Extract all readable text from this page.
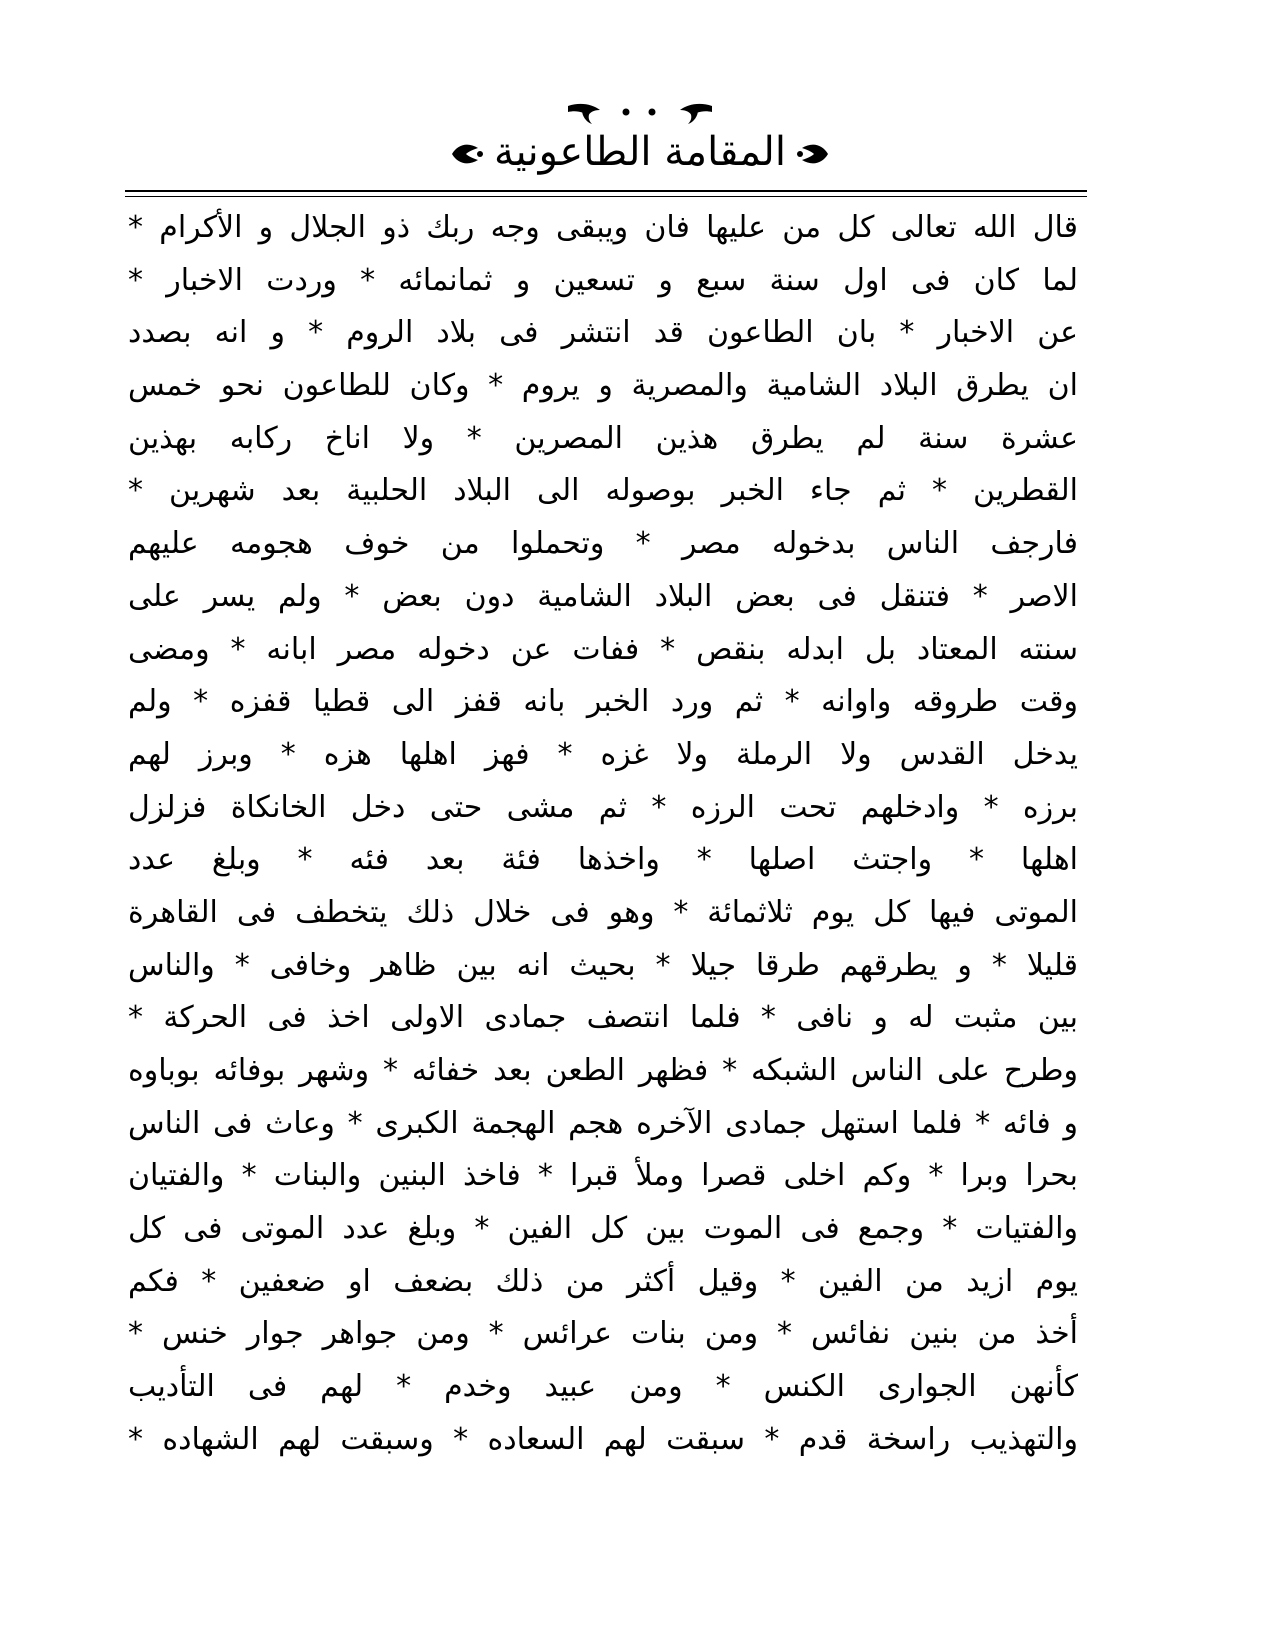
المقامة الطاعونية
قال الله تعالى كل من عليها فان ويبقى وجه ربك ذو الجلال و الأكرام *
لما كان فى اول سنة سبع و تسعين و ثمانمائه * وردت الاخبار *
عن الاخبار * بان الطاعون قد انتشر فى بلاد الروم * و انه بصدد
ان يطرق البلاد الشامية والمصرية و يروم * وكان للطاعون نحو خمس
عشرة سنة لم يطرق هذين المصرين * ولا اناخ ركابه بهذين
القطرين * ثم جاء الخبر بوصوله الى البلاد الحلبية بعد شهرين *
فارجف الناس بدخوله مصر * وتحملوا من خوف هجومه عليهم
الاصر * فتنقل فى بعض البلاد الشامية دون بعض * ولم يسر على
سنته المعتاد بل ابدله بنقص * ففات عن دخوله مصر ابانه * ومضى
وقت طروقه واوانه * ثم ورد الخبر بانه قفز الى قطيا قفزه * ولم
يدخل القدس ولا الرملة ولا غزه * فهز اهلها هزه * وبرز لهم
برزه * وادخلهم تحت الرزه * ثم مشى حتى دخل الخانكاة فزلزل
اهلها * واجتث اصلها * واخذها فئة بعد فئه * وبلغ عدد
الموتى فيها كل يوم ثلاثمائة * وهو فى خلال ذلك يتخطف فى القاهرة
قليلا * و يطرقهم طرقا جيلا * بحيث انه بين ظاهر وخافى * والناس
بين مثبت له و نافى * فلما انتصف جمادى الاولى اخذ فى الحركة *
وطرح على الناس الشبكه * فظهر الطعن بعد خفائه * وشهر بوفائه بوباوه
و فائه * فلما استهل جمادى الآخره هجم الهجمة الكبرى * وعاث فى الناس
بحرا وبرا * وكم اخلى قصرا وملأ قبرا * فاخذ البنين والبنات * والفتيان
والفتيات * وجمع فى الموت بين كل الفين * وبلغ عدد الموتى فى كل
يوم ازيد من الفين * وقيل أكثر من ذلك بضعف او ضعفين * فكم
أخذ من بنين نفائس * ومن بنات عرائس * ومن جواهر جوار خنس *
كأنهن الجوارى الكنس * ومن عبيد وخدم * لهم فى التأديب
والتهذيب راسخة قدم * سبقت لهم السعاده * وسبقت لهم الشهاده *
